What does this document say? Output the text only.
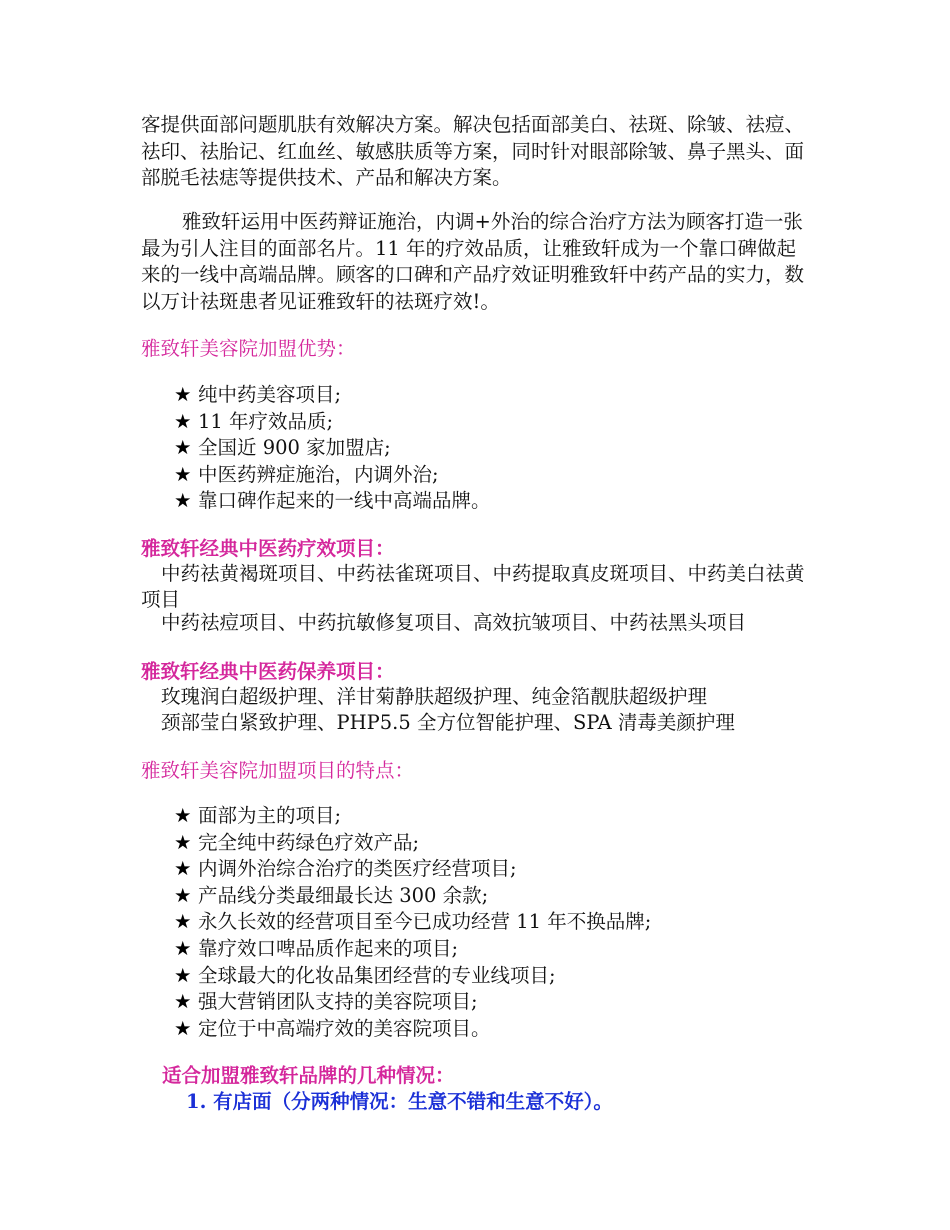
客提供面部问题肌肤有效解决方案。解决包括面部美白、祛斑、除皱、祛痘、祛印、祛胎记、红血丝、敏感肤质等方案，同时针对眼部除皱、鼻子黑头、面部脱毛祛痣等提供技术、产品和解决方案。

雅致轩运用中医药辩证施治，内调+外治的综合治疗方法为顾客打造一张最为引人注目的面部名片。11 年的疗效品质，让雅致轩成为一个靠口碑做起来的一线中高端品牌。顾客的口碑和产品疗效证明雅致轩中药产品的实力，数以万计祛斑患者见证雅致轩的祛斑疗效!。

雅致轩美容院加盟优势：

★ 纯中药美容项目;
★ 11 年疗效品质;
★ 全国近 900 家加盟店;
★ 中医药辨症施治，内调外治;
★ 靠口碑作起来的一线中高端品牌。

雅致轩经典中医药疗效项目：

中药祛黄褐斑项目、中药祛雀斑项目、中药提取真皮斑项目、中药美白祛黄项目

中药祛痘项目、中药抗敏修复项目、高效抗皱项目、中药祛黑头项目

雅致轩经典中医药保养项目：

玫瑰润白超级护理、洋甘菊静肤超级护理、纯金箔靓肤超级护理

颈部莹白紧致护理、PHP5.5 全方位智能护理、SPA 清毒美颜护理

雅致轩美容院加盟项目的特点：

★ 面部为主的项目;
★ 完全纯中药绿色疗效产品;
★ 内调外治综合治疗的类医疗经营项目;
★ 产品线分类最细最长达 300 余款;
★ 永久长效的经营项目至今已成功经营 11 年不换品牌;
★ 靠疗效口啤品质作起来的项目;
★ 全球最大的化妆品集团经营的专业线项目;
★ 强大营销团队支持的美容院项目;
★ 定位于中高端疗效的美容院项目。

适合加盟雅致轩品牌的几种情况：

1. 有店面（分两种情况：生意不错和生意不好）。
